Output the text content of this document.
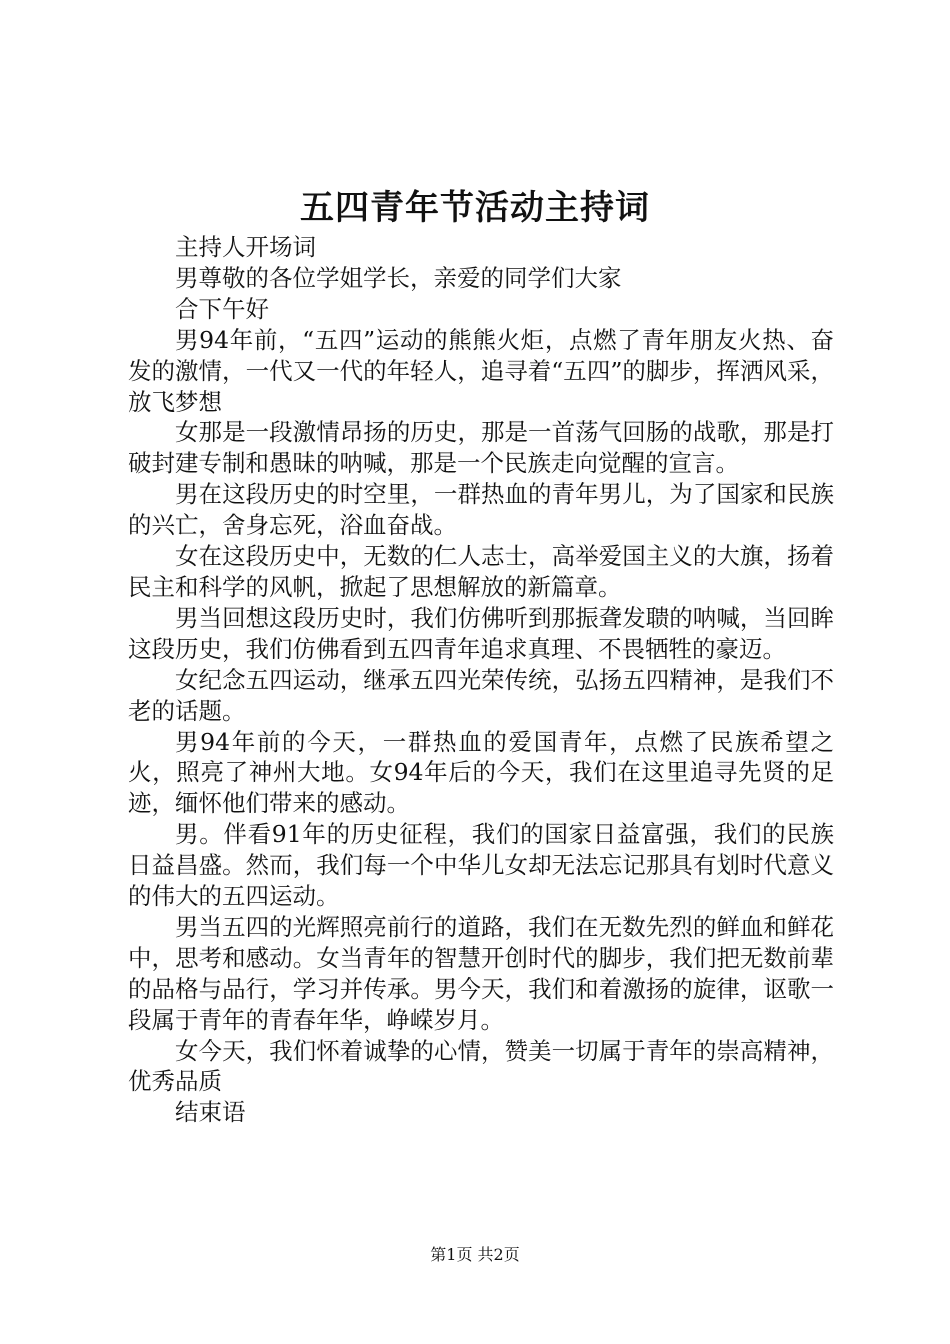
五四青年节活动主持词

主持人开场词

男尊敬的各位学姐学长，亲爱的同学们大家

合下午好

男94年前，“五四”运动的熊熊火炬，点燃了青年朋友火热、奋发的激情，一代又一代的年轻人，追寻着“五四”的脚步，挥洒风采，放飞梦想

女那是一段激情昂扬的历史，那是一首荡气回肠的战歌，那是打破封建专制和愚昧的呐喊，那是一个民族走向觉醒的宣言。

男在这段历史的时空里，一群热血的青年男儿，为了国家和民族的兴亡，舍身忘死，浴血奋战。

女在这段历史中，无数的仁人志士，高举爱国主义的大旗，扬着民主和科学的风帆，掀起了思想解放的新篇章。

男当回想这段历史时，我们仿佛听到那振聋发聩的呐喊，当回眸这段历史，我们仿佛看到五四青年追求真理、不畏牺牲的豪迈。

女纪念五四运动，继承五四光荣传统，弘扬五四精神，是我们不老的话题。

男94年前的今天，一群热血的爱国青年，点燃了民族希望之火，照亮了神州大地。女94年后的今天，我们在这里追寻先贤的足迹，缅怀他们带来的感动。

男。伴看91年的历史征程，我们的国家日益富强，我们的民族日益昌盛。然而，我们每一个中华儿女却无法忘记那具有划时代意义的伟大的五四运动。

男当五四的光辉照亮前行的道路，我们在无数先烈的鲜血和鲜花中，思考和感动。女当青年的智慧开创时代的脚步，我们把无数前辈的品格与品行，学习并传承。男今天，我们和着激扬的旋律，讴歌一段属于青年的青春年华，峥嵘岁月。

女今天，我们怀着诚挚的心情，赞美一切属于青年的崇高精神，优秀品质

结束语

第1页 共2页
